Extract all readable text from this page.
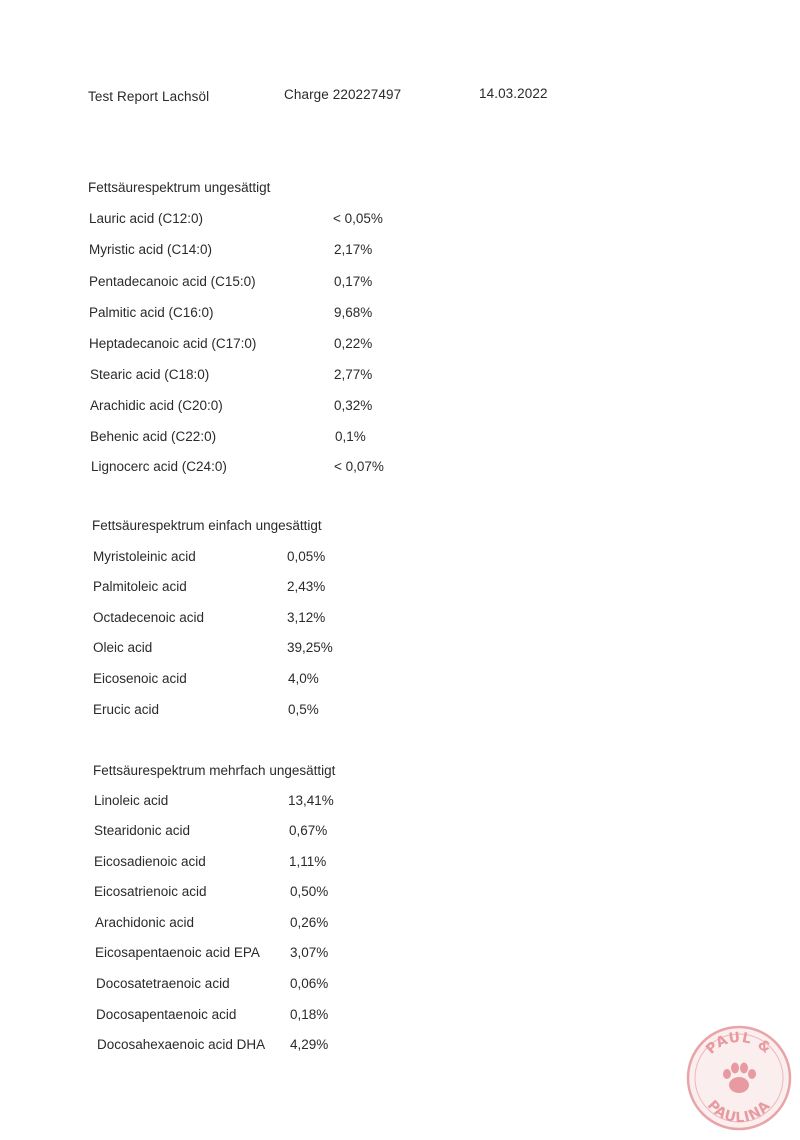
Test Report Lachsöl	Charge 220227497	14.03.2022
Fettsäurespektrum ungesättigt
Lauric acid (C12:0)	< 0,05%
Myristic acid (C14:0)	2,17%
Pentadecanoic acid (C15:0)	0,17%
Palmitic acid (C16:0)	9,68%
Heptadecanoic acid (C17:0)	0,22%
Stearic acid (C18:0)	2,77%
Arachidic acid (C20:0)	0,32%
Behenic acid (C22:0)	0,1%
Lignocerc acid (C24:0)	< 0,07%
Fettsäurespektrum einfach ungesättigt
Myristoleinic acid	0,05%
Palmitoleic acid	2,43%
Octadecenoic acid	3,12%
Oleic acid	39,25%
Eicosenoic acid	4,0%
Erucic acid	0,5%
Fettsäurespektrum mehrfach ungesättigt
Linoleic acid	13,41%
Stearidonic acid	0,67%
Eicosadienoic acid	1,11%
Eicosatrienoic acid	0,50%
Arachidonic acid	0,26%
Eicosapentaenoic acid EPA 3,07%
Docosatetraenoic acid	0,06%
Docosapentaenoic acid	0,18%
Docosahexaenoic acid DHA 4,29%	PAUL &
PAULINA
